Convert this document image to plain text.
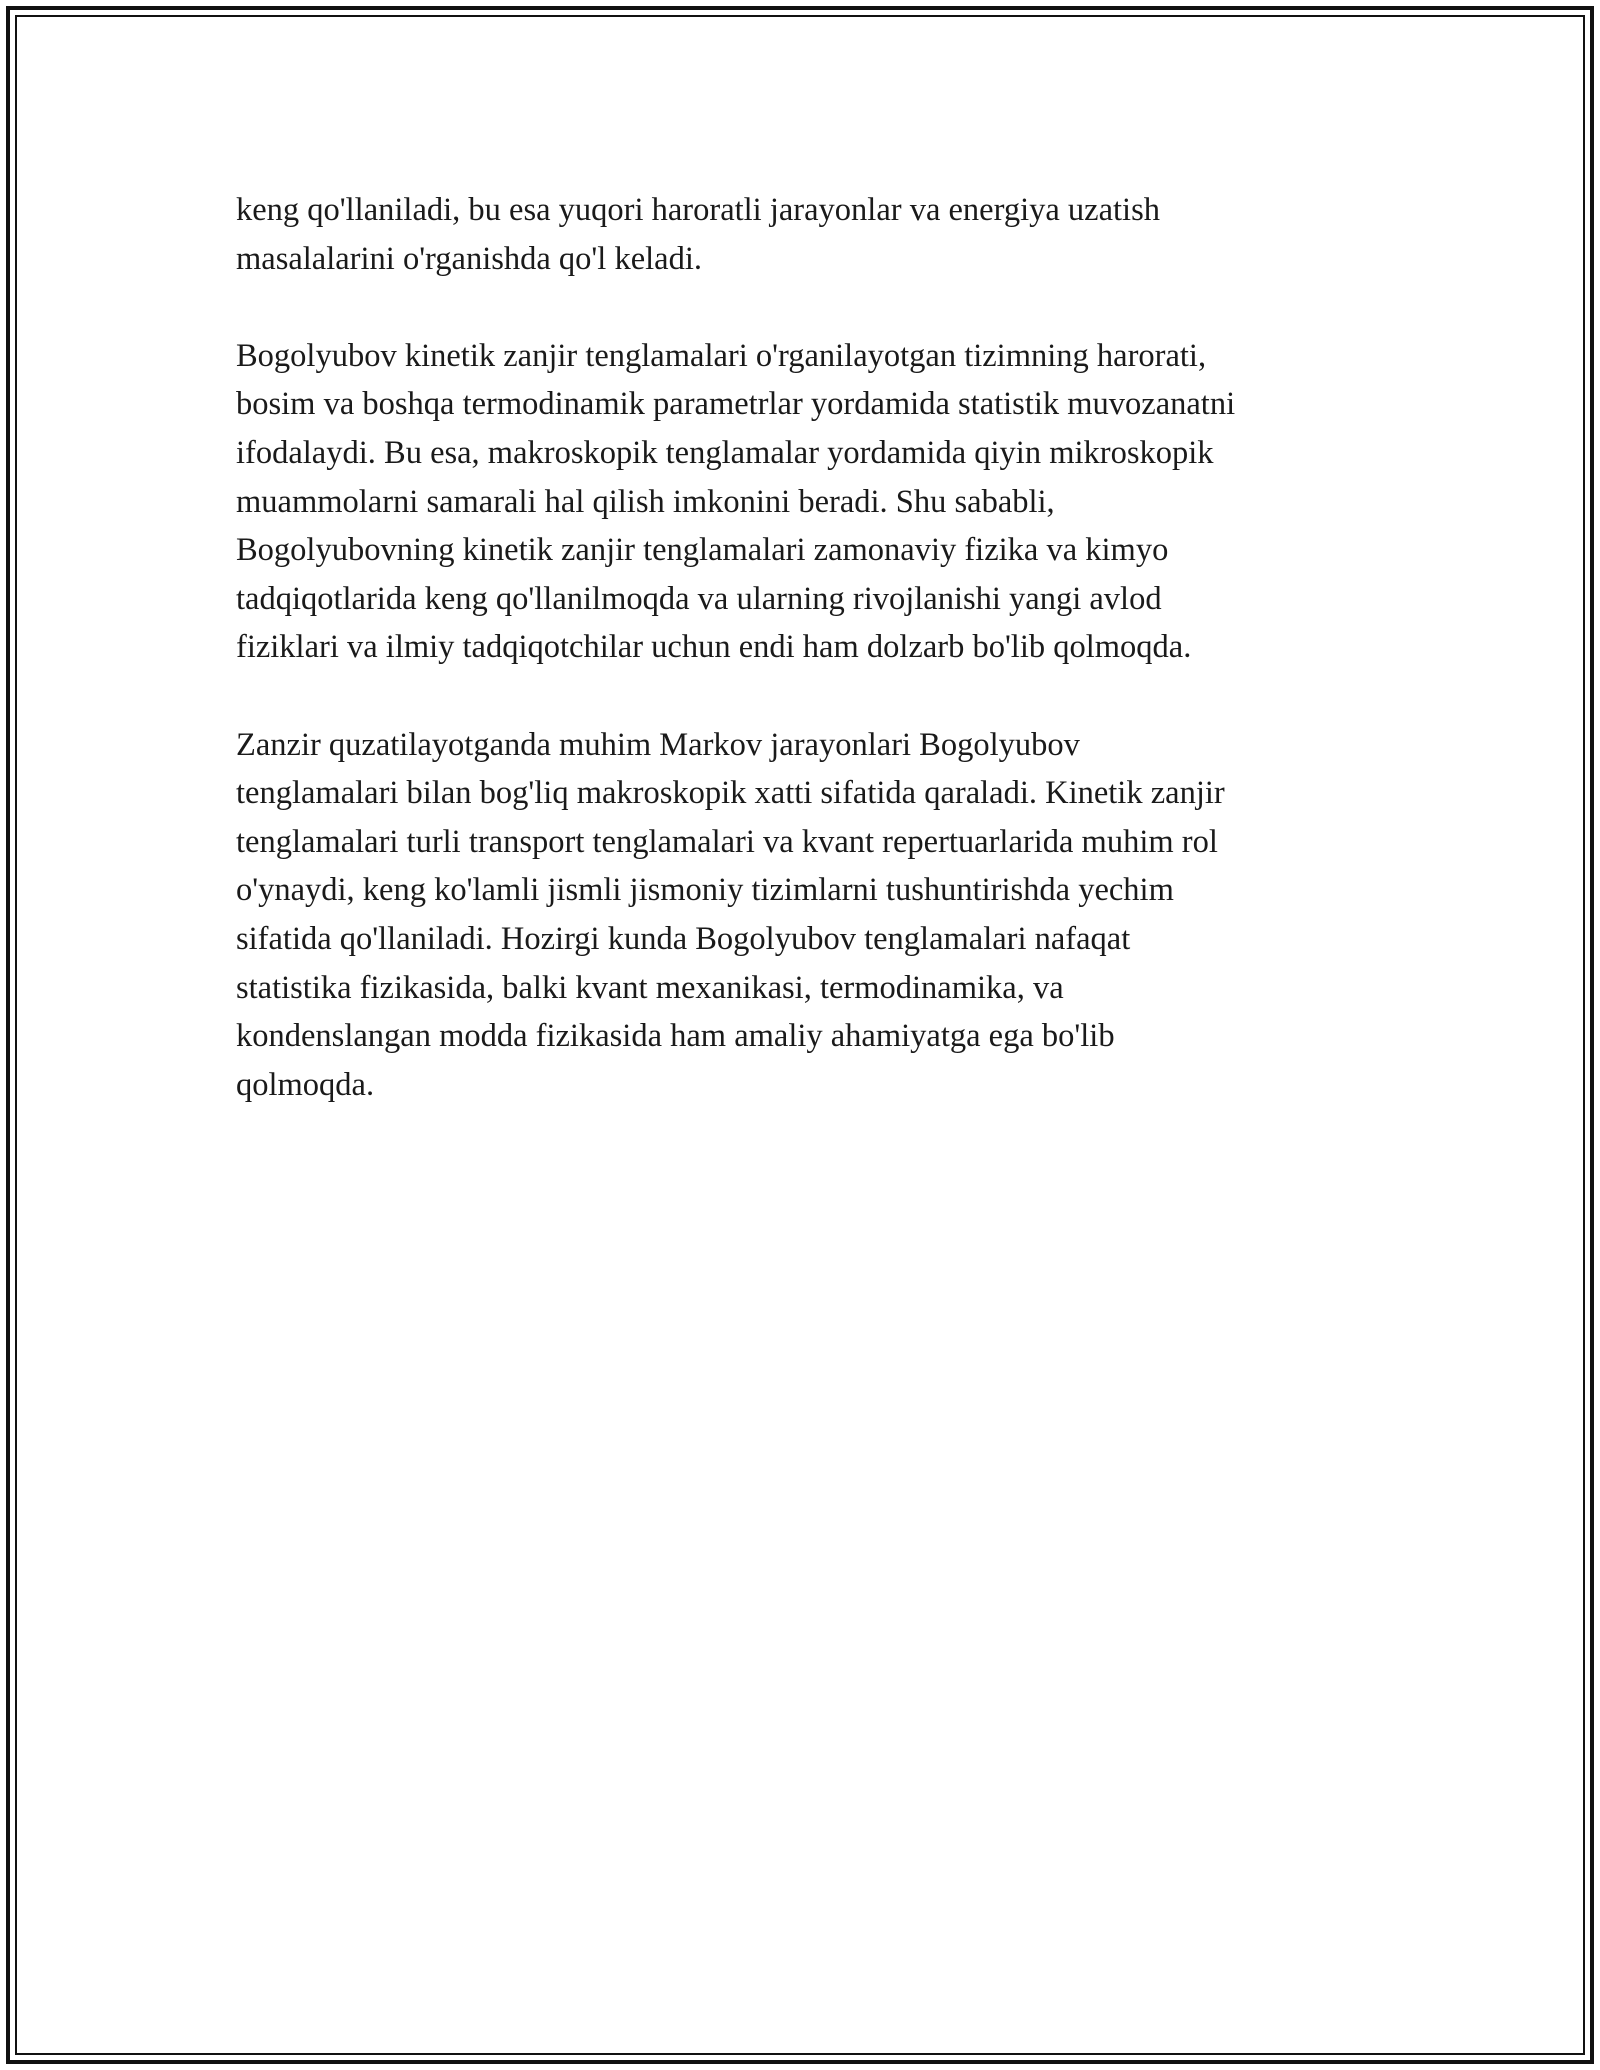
keng qo'llaniladi, bu esa yuqori haroratli jarayonlar va energiya uzatish
masalalarini o'rganishda qo'l keladi.

Bogolyubov kinetik zanjir tenglamalari o'rganilayotgan tizimning harorati,
bosim va boshqa termodinamik parametrlar yordamida statistik muvozanatni
ifodalaydi. Bu esa, makroskopik tenglamalar yordamida qiyin mikroskopik
muammolarni samarali hal qilish imkonini beradi. Shu sababli,
Bogolyubovning kinetik zanjir tenglamalari zamonaviy fizika va kimyo
tadqiqotlarida keng qo'llanilmoqda va ularning rivojlanishi yangi avlod
fiziklari va ilmiy tadqiqotchilar uchun endi ham dolzarb bo'lib qolmoqda.

Zanzir quzatilayotganda muhim Markov jarayonlari Bogolyubov
tenglamalari bilan bog'liq makroskopik xatti sifatida qaraladi. Kinetik zanjir
tenglamalari turli transport tenglamalari va kvant repertuarlarida muhim rol
o'ynaydi, keng ko'lamli jismli jismoniy tizimlarni tushuntirishda yechim
sifatida qo'llaniladi. Hozirgi kunda Bogolyubov tenglamalari nafaqat
statistika fizikasida, balki kvant mexanikasi, termodinamika, va
kondenslangan modda fizikasida ham amaliy ahamiyatga ega bo'lib
qolmoqda.
